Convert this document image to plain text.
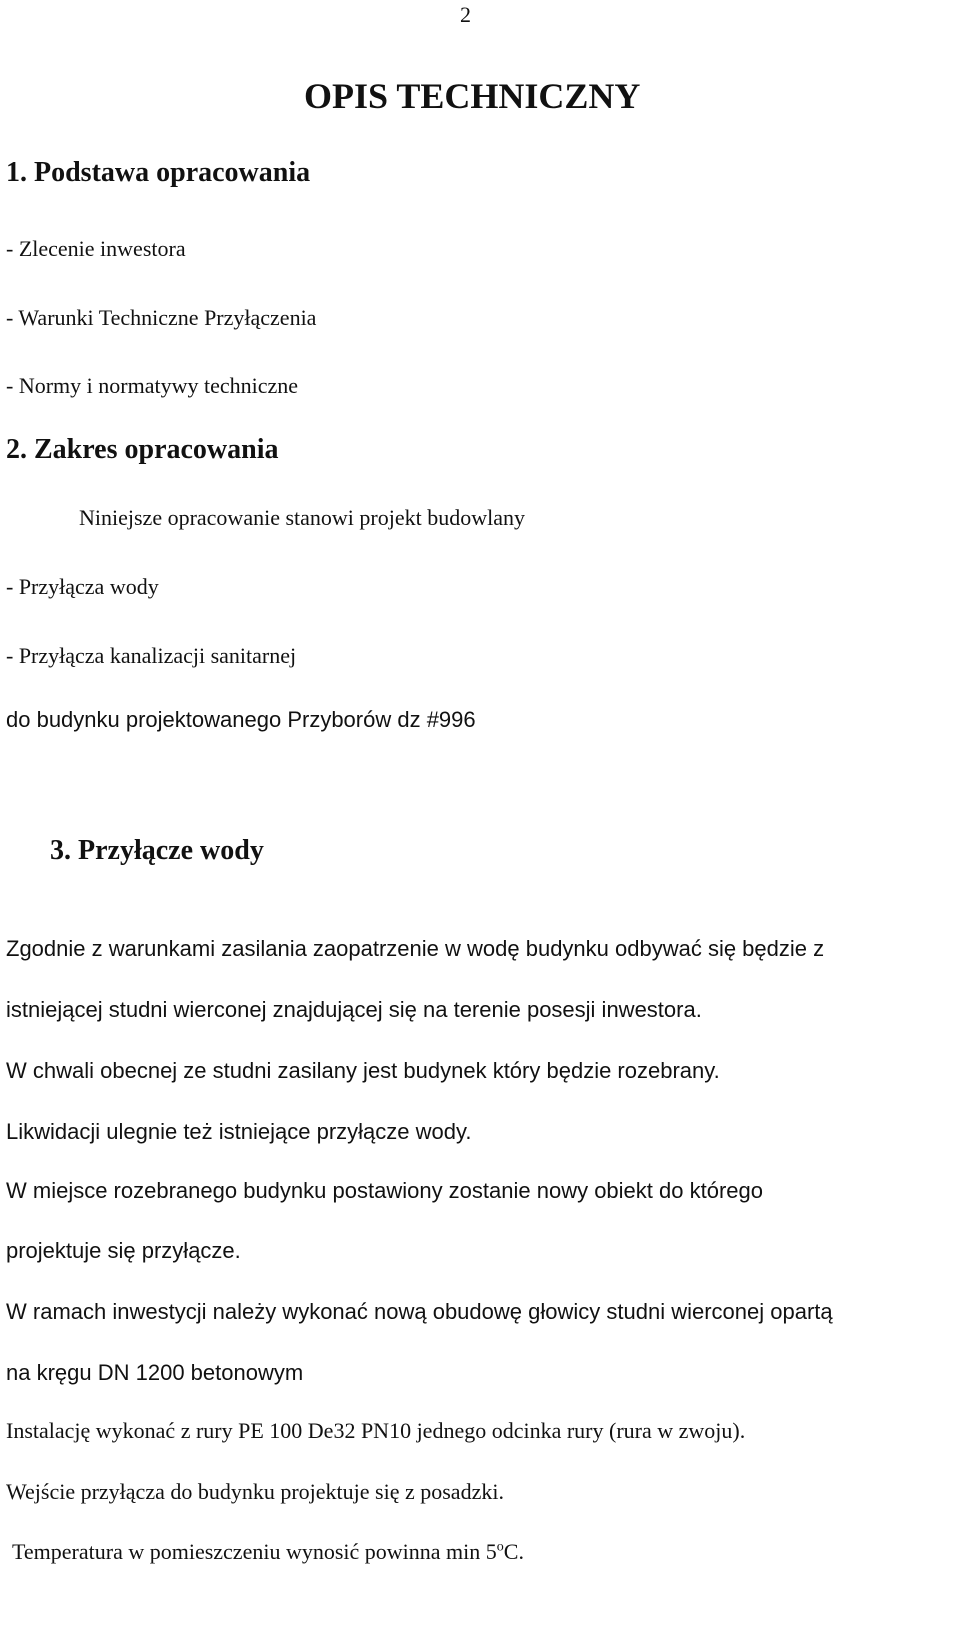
2
OPIS TECHNICZNY
1. Podstawa opracowania
- Zlecenie inwestora
- Warunki Techniczne Przyłączenia
- Normy i normatywy techniczne
2. Zakres opracowania
Niniejsze opracowanie stanowi projekt budowlany
- Przyłącza wody
- Przyłącza kanalizacji sanitarnej
do budynku projektowanego Przyborów dz #996
3. Przyłącze wody
Zgodnie z warunkami zasilania zaopatrzenie w wodę budynku odbywać się będzie z
istniejącej studni wierconej znajdującej się na terenie posesji inwestora.
W chwali obecnej ze studni zasilany jest budynek który będzie rozebrany.
Likwidacji ulegnie też istniejące przyłącze wody.
W miejsce rozebranego budynku postawiony zostanie nowy obiekt do którego
projektuje się przyłącze.
W ramach inwestycji należy wykonać nową obudowę głowicy studni wierconej opartą
na kręgu DN 1200 betonowym
Instalację wykonać z rury PE 100 De32 PN10 jednego odcinka rury (rura w zwoju).
Wejście przyłącza do budynku projektuje się z posadzki.
Temperatura w pomieszczeniu wynosić powinna min 5$^o$C.
